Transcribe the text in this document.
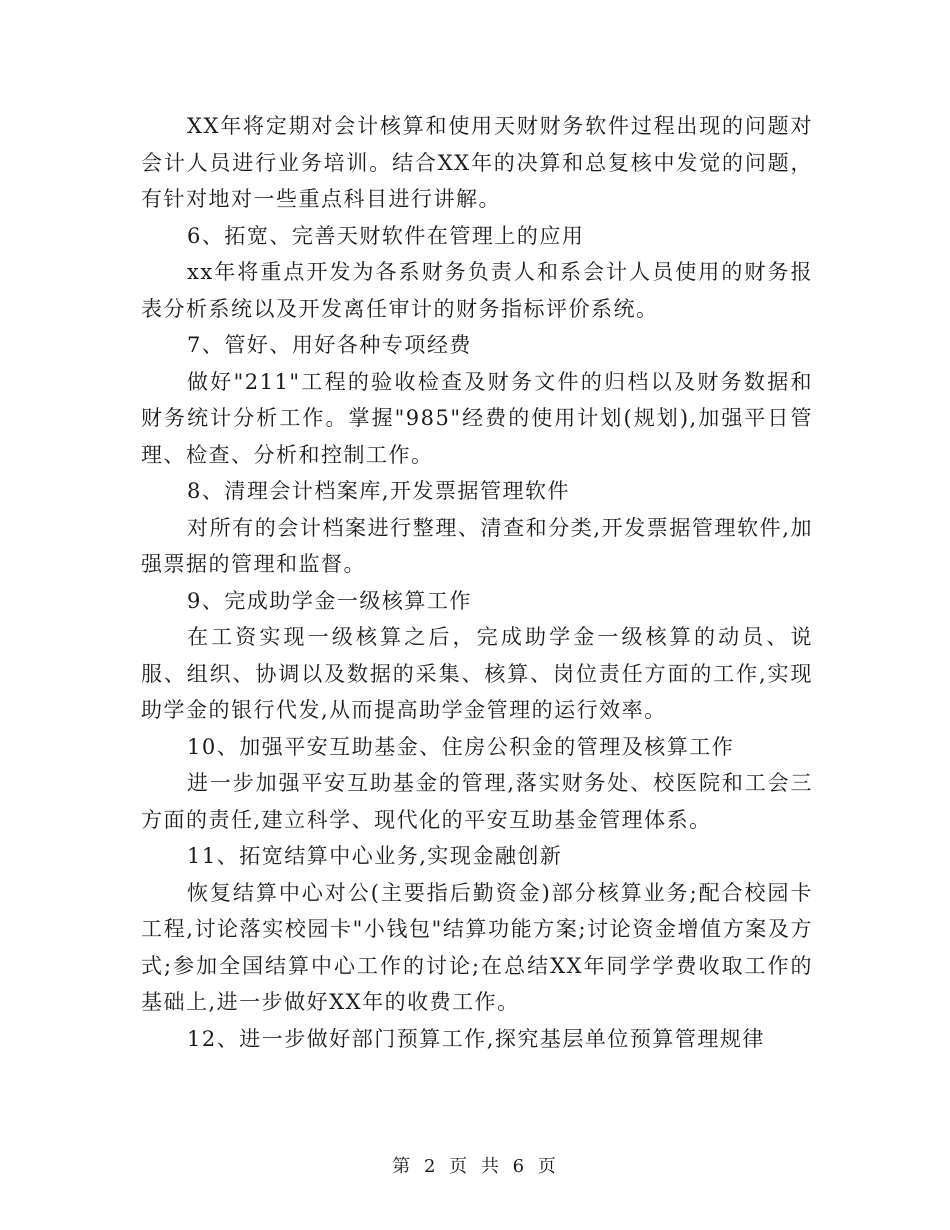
XX年将定期对会计核算和使用天财财务软件过程出现的问题对会计人员进行业务培训。结合XX年的决算和总复核中发觉的问题，有针对地对一些重点科目进行讲解。

6、拓宽、完善天财软件在管理上的应用

xx年将重点开发为各系财务负责人和系会计人员使用的财务报表分析系统以及开发离任审计的财务指标评价系统。

7、管好、用好各种专项经费

做好"211"工程的验收检查及财务文件的归档以及财务数据和财务统计分析工作。掌握"985"经费的使用计划(规划),加强平日管理、检查、分析和控制工作。

8、清理会计档案库,开发票据管理软件

对所有的会计档案进行整理、清查和分类,开发票据管理软件,加强票据的管理和监督。

9、完成助学金一级核算工作

在工资实现一级核算之后，完成助学金一级核算的动员、说服、组织、协调以及数据的采集、核算、岗位责任方面的工作,实现助学金的银行代发,从而提高助学金管理的运行效率。

10、加强平安互助基金、住房公积金的管理及核算工作

进一步加强平安互助基金的管理,落实财务处、校医院和工会三方面的责任,建立科学、现代化的平安互助基金管理体系。

11、拓宽结算中心业务,实现金融创新

恢复结算中心对公(主要指后勤资金)部分核算业务;配合校园卡工程,讨论落实校园卡"小钱包"结算功能方案;讨论资金增值方案及方式;参加全国结算中心工作的讨论;在总结XX年同学学费收取工作的基础上,进一步做好XX年的收费工作。

12、进一步做好部门预算工作,探究基层单位预算管理规律

第 2 页 共 6 页
